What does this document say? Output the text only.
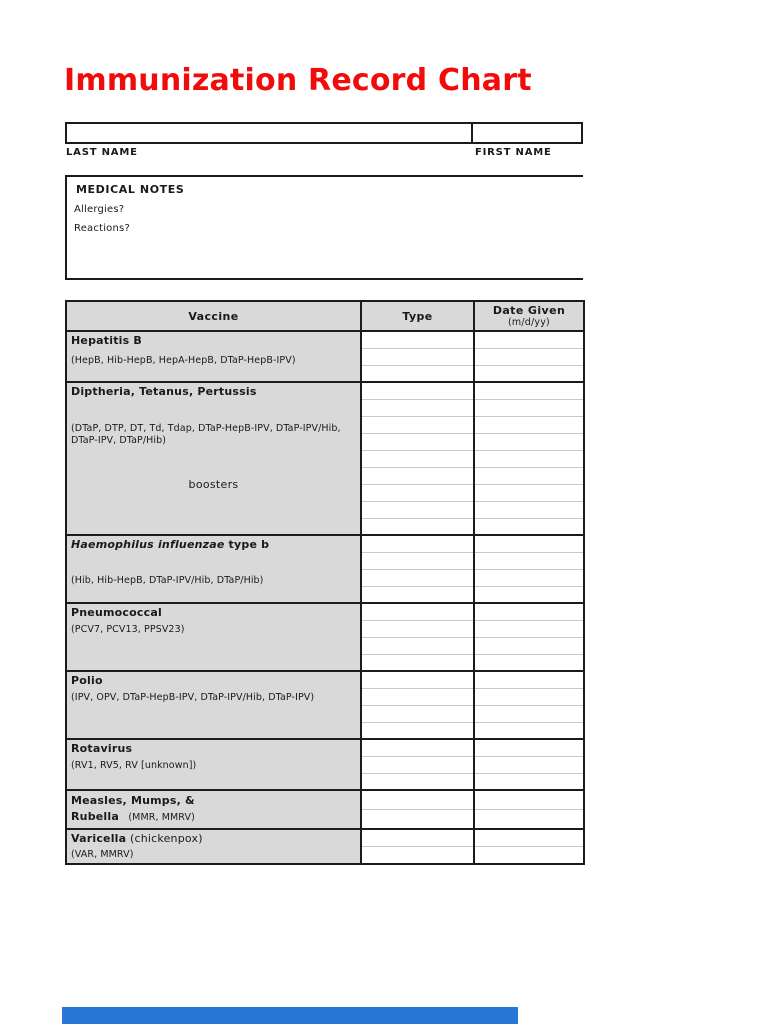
Immunization Record Chart
LAST NAME	FIRST NAME
MEDICAL NOTES
Allergies?
Reactions?
Vaccine	Type	Date Given
(m/d/yy)

Hepatitis B
(HepB, Hib-HepB, HepA-HepB, DTaP-HepB-IPV)		

Diptheria, Tetanus, Pertussis
(DTaP, DTP, DT, Td, Tdap, DTaP-HepB-IPV, DTaP-IPV/Hib, DTaP-IPV, DTaP/Hib)
boosters		

Haemophilus influenzae type b
(Hib, Hib-HepB, DTaP-IPV/Hib, DTaP/Hib)		

Pneumococcal
(PCV7, PCV13, PPSV23)		

Polio
(IPV, OPV, DTaP-HepB-IPV, DTaP-IPV/Hib, DTaP-IPV)		

Rotavirus
(RV1, RV5, RV [unknown])		

Measles, Mumps, &
Rubella   (MMR, MMRV)		

Varicella (chickenpox)
(VAR, MMRV)		
